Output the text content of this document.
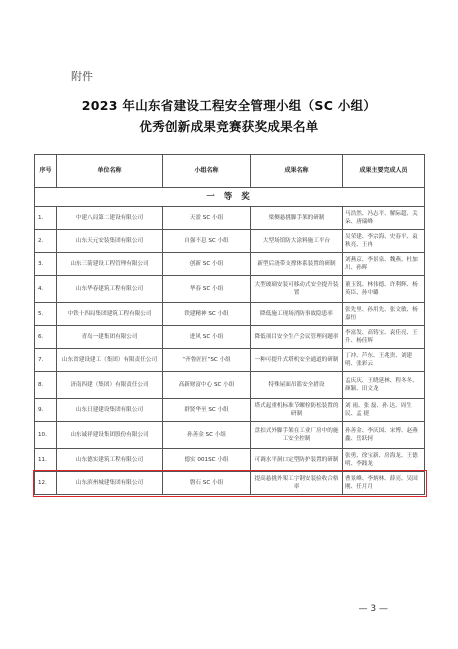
附件
2023 年山东省建设工程安全管理小组（SC 小组）
优秀创新成果竞赛获奖成果名单
序号	单位名称	小组名称	成果名称	成果主要完成人员
一 等 奖				
1.	中建八局第二建设有限公司	天盈 SC 小组	梁侧悬挑脚手架的研制	马浩然、冯志平、解际超、关朵、唐瑞峰
2.	山东天元安装集团有限公司	自强不息 SC 小组	大型场馆防大涂料施工平台	吴荣建、李宗海、史春平、袁秋亮、王冉
3.	山东三箭建设工程管理有限公司	创新 SC 小组	新型后浇带支撑体系装置的研制	刘燕京、李景泉、魏燕、杜加川、孙晖
4.	山东华春建筑工程有限公司	华春 SC 小组	大型玻璃安装可移动式安全提升装置	董玉锐、林伟德、许利辉、杨英臣、孙中璐
5.	中铁十四局集团建筑工程有限公司	铁建精神 SC 小组	降低施工现场消防事故隐患率	张先里、孙用先、张文敏、杨嘉恒
6.	青岛一建集团有限公司	进风 SC 小组	降低项目安全生产会议管理问题率	李富发、高铸宝、袁佳亮、王升、杨佳辉
7.	山东省建设建工（集团）有限责任公司	“齐鲁匠匠”SC 小组	一种可提升式塔机安全通道的研制	丁冲、芦东、王兆贵、刘建明、张彩云
8.	济南四建（集团）有限责任公司	高新财富中心 SC 小组	特殊屋面吊篮安全措设	孟庆庆、王晓延林、程冬冬、颜颖、田文龙
9.	山东日建建设集团有限公司	群贤华至 SC 小组	塔式起重机标准节螺栓防松装置的研制	刘 雨、张 磊、孙 达、周生民、孟 捷
10.	山东诚祥建设集团股份有限公司	孙善金 SC 小组	盘扣式外脚手架在工业厂房中的施工安全控制	孙善金、李庆国、宋博、赵燕鑫、岳跃轲
11.	山东德实建筑工程有限公司	德实 001SC 小组	可调水平洞口定型防护装置的研制	张勇、徐宝新、房海龙、王德明、李践龙
12.	山东滨州城建集团有限公司	磐石 SC 小组	提高悬挑外架工字钢安装验收合格率	曹景峰、李炳林、薛亮、吴国刚、任月月
— 3 —
